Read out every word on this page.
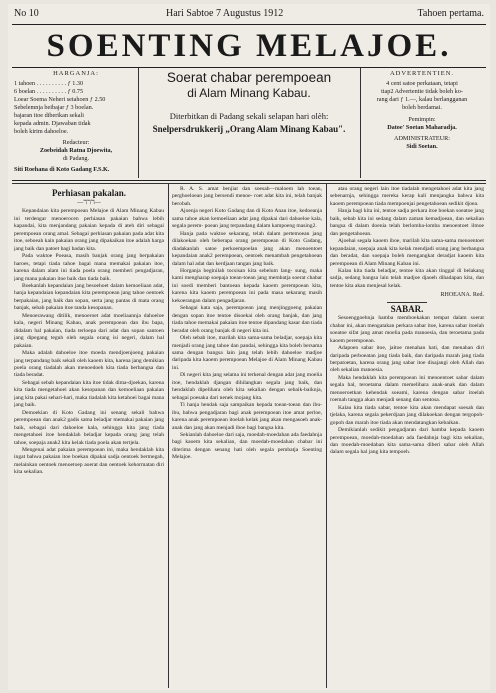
No 10	Hari Sabtoe 7 Augustus 1912	Tahoen pertama.
SOENTING MELAJOE.
HARGANJA:
1 tahoen . . . . . . . . . . ƒ 1.30
6 boelan . . . . . . . . . . ƒ 0.75
Loear Soema Neheri setahoen ƒ 2.50
Sebelemnja beibajar ƒ 3 boelan.
bajaran itoe diberikan sekali
kepada admin. Djawaban tidak
boleh kirim dahoeloe.
Redacteur:
Zoebeidah Ratna Djoewita,
di Padang.
Siti Roehana di Koto Gadang F.S.K.
Soerat chabar perempoean
di Alam Minang Kabau.
Diterbitkan di Padang sekali selapan hari olèh:
Snelpersdrukkerij „Orang Alam Minang Kabau".
ADVERTENTIEN.
4 cent satoe perkataan, tetapi
tiap2 Advertentie tidak boleh ko-
rang dari ƒ 1.—, kalau berlangganan
boleh berdamai.
Pemimpin:
Datoe' Soetan Maharadja.
ADMINISTRATEUR:
Sidi Soetan.
Perhiasan pakalan.
—ℸℸℸ—

Kepandaian kita perempoean Melajoe di Alam Minang Kabau ini terdengar menoerocen perhiasan pakaian bahwa lebih kapandai, kita menjandang pakaian kepada di ateh diri sebagai perempoean orang amal. Sebagai perhiasan pakaian pada adat kita itoe, seboeah kain pakaian orang jang dipakaikan itoe adalah harga jang baik dan patoet bagi badan kita.

Pada waktoe Poeasa, masih banjak orang jang berpakaian haroes, tetapi tiada tahoe bagai mana memakai pakaian itoe, karena dalam alam ini tiada poela orang memberi pengadjaran, jang mana pakaian itoe baik dan tiada baik.

Boekanlah kepandaian jang besoehoet dalam kemoeliaan adat, hanja kepandaian kepandaian kita perempoean jang tahoe oentoek berpakaian, jang baik dan sopan, serta jang pantas di mata orang banjak, sebab pakaian itoe tanda kesopanan.

Menoerawang ditilik, menoeroet adat moeliaannja dahoeloe kala, negeri Minang Kabau, anak perempoean dan ibu bapa, didalam hal pakaian, tiada terloepa dari adat dan sopan santoen jang dipegang teguh oleh segala orang isi negeri, dalam hal pakaian.

Maka adalah dahoeloe itoe moeda mendjoenjoeng pakaian jang terpandang baik sekali oleh kaoem kita, karena jang demikian poela orang tiadalah akan menoedoeh kita tiada berbangsa dan tiada beradat.

Sebagai sebab kepandaian kita itoe tidak dima-djoekan, karena kita tiada mengetahoei akan kesopanan dan kemoeliaan pakaian jang kita pakai sehari-hari, maka tiadalah kita ketahoei bagai mana jang baik.

Demoekian di Koto Gadang ini senang sekali bahwa perempoean dan anak2 gadis sama beladjar memakai pakaian jang baik, sebagai dari dahoeloe kala, sehingga kita jang tiada mengetahoei itoe hendaklah beladjar kepada orang jang telah tahoe, soepaja anak2 kita kelak tiada poela akan tertjela.

Mengenai adat pakaian perempoean ini, maka hendaklah kita ingat bahwa pakaian itoe boekan dipakai sadja oentoek bermegah, melainkan oentoek menoetoep aoerat dan oentoek kehormatan diri kita sekalian.

R. A. S. amat benjiat dan soesah—maloem lah toean, perghoeloean jang bersendi menoe- roet adat kita ini, telah banjak berobah.

Ajoenja negeri Koto Gadang dan di Koto Anau itoe, kedoeanja sama tahoe akan kemoeliaan adat jang dipakai dari dahoeloe kala, segala perem- poean jang terpandang dalam kampoeng masing2.

Hanja pada waktoe sekarang, telah dalam pertemoean jang dilakoekan oleh beberapa orang perempoean di Koto Gadang, diadakanlah satoe perkoempoelan jang akan menoentoet kepandaian anak2 perempoean, oentoek menambah pengetahoean dalam hal adat dan kerdjaan tangan jang baik.

Horganja beginilah tocsisan kita sebelum lang- sung, maka kami mengharap soepaja toean-toean jang membatja soerat chabar ini soedi memberi bantoean kepada kaoem perempoean kita, karena kita kaoem perempoean ini pada masa sekarang masih kekoerangan dalam pengadjaran.

Sebagai kata saja, perempoean jang menjinggoeng pakaian dengan sopan itoe tentoe disoekai oleh orang banjak, dan jang tiada tahoe memakai pakaian itoe tentoe dipandang kasar dan tiada beradat oleh orang banjak di negeri kita ini.

Oleh sebab itoe, marilah kita sama-sama beladjar, soepaja kita menjadi orang jang tahoe dan pandai, sehingga kita boleh bersama sama dengan bangsa lain jang telah lebih dahoeloe madjoe daripada kita kaoem perempoean Melajoe di Alam Minang Kabau ini.

Di negeri kita jang selama ini terkenal dengan adat jang moelia itoe, hendaklah djangan dihilangkan segala jang baik, dan hendaklah dipelihara oleh kita sekalian dengan sebaik-baiknja, sebagai poesaka dari nenek mojang kita.

Ti hanja hendak saja sampaikan kepada toean-toean dan ibu-ibu, bahwa pengadjaran bagi anak perempoean itoe amat perloe, karena anak perempoean itoelah kelak jang akan mengasoeh anak-anak dan jang akan menjadi iboe bagi bangsa kita.

Sekianlah dahoeloe dari saja, moedah-moedahan ada faedahnja bagi kaoem kita sekalian, dan moedah-moedahan chabar ini diterima dengan senang hati oleh segala pembatja Soenting Melajoe.

atau orang negeri lain itoe tiadalah mengetahoei adat kita jang sebenarnja, sehingga mereka kerap kali menjangka bahwa kita kaoem perempoean tiada mempoenjai pengetahoean sedikit djoea.

Hanja bagi kita ini, tentoe sadja perkara itoe boekan soeatoe jang baik, sebab kita ini sedang dalam zaman kemadjoean, dan sekalian bangsa di dalam doenia telah berlomba-lomba menoentoet ilmoe dan pengetahoean.

Ajoehai segala kaoem iboe, marilah kita sama-sama menoentoet kepandaian, soepaja anak kita kelak mendjadi orang jang berbangsa dan beradat, dan soepaja boleh mengangkat deradjat kaoem kita perempoean di Alam Minang Kabau ini.

Kalau kita tiada beladjar, tentoe kita akan tinggal di belakang sadja, sedang bangsa lain telah madjoe djaoeh dihadapan kita, dan tentoe kita akan menjesal kelak.

RHOEANA. Red.
SABAR.

Sesoenggoehnja hamba memboekakan tempat dalam soerat chabar ini, akan mengatakan perkara sabar itoe, karena sabar itoelah soeatoe sifat jang amat moelia pada manoesia, dan teroetama pada kaoem perempoean.

Adapoen sabar itoe, jaitoe menahan hati, dan menahan diri daripada perboeatan jang tiada baik, dan daripada marah jang tiada berpatoetan, karena orang jang sabar itoe disajangi oleh Allah dan oleh sekalian manoesia.

Maka hendaklah kita perempoean ini menoentoet sabar dalam segala hal, teroetama dalam memelihara anak-anak dan dalam menoeroetkan kehendak soeami, karena dengan sabar itoelah roemah tangga akan menjadi senang dan sentosa.

Kalau kita tiada sabar, tentoe kita akan mendapat soesah dan tjelaka, karena segala pekerdjaan jang dilakoekan dengan tergopoh-gopoh dan marah itoe tiada akan mendatangkan kebaikan.

Demikianlah sedikit pengadjaran dari hamba kepada kaoem perempoean, moedah-moedahan ada faedahnja bagi kita sekalian, dan moedah-moedahan kita sama-sama diberi sabar oleh Allah dalam segala hal jang kita tempoeh.
